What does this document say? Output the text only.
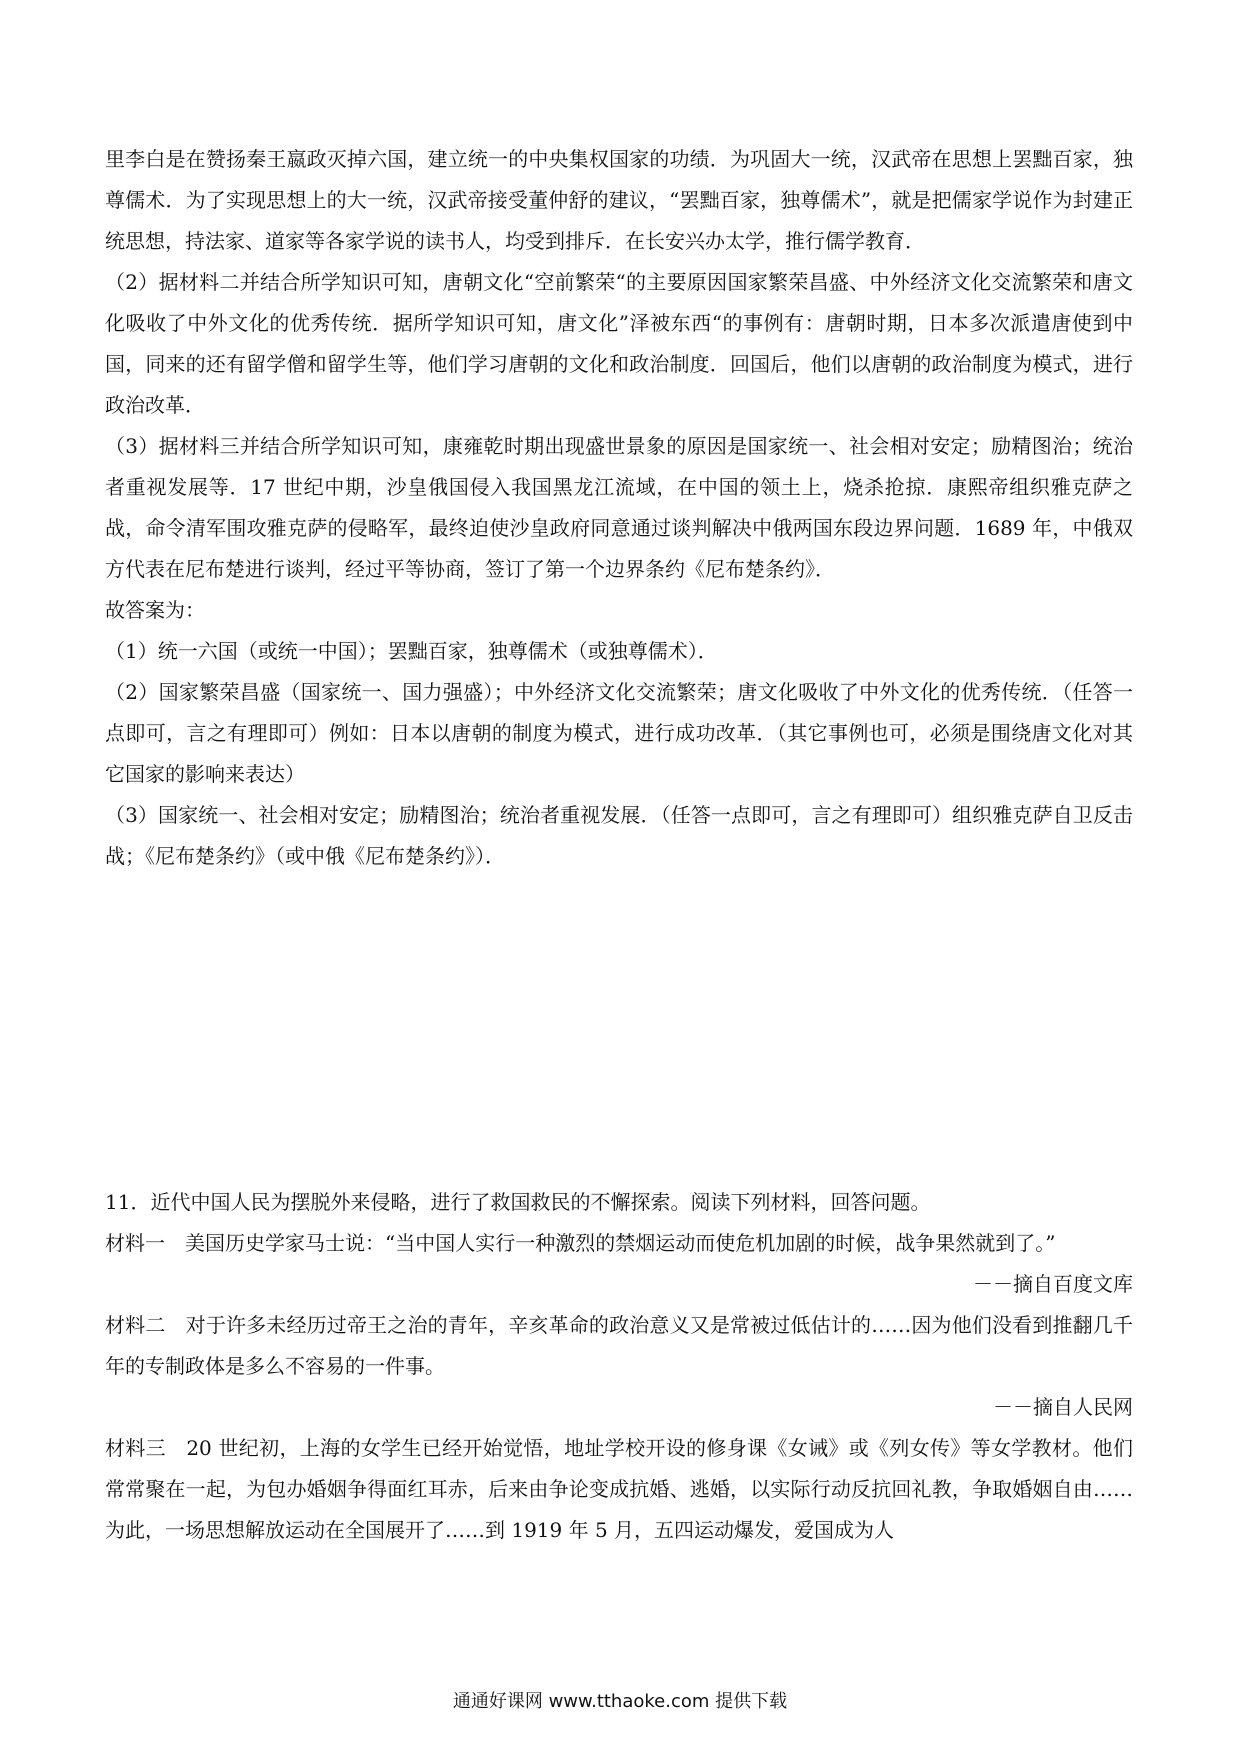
里李白是在赞扬秦王嬴政灭掉六国，建立统一的中央集权国家的功绩．为巩固大一统，汉武帝在思想上罢黜百家，独尊儒术．为了实现思想上的大一统，汉武帝接受董仲舒的建议，“罢黜百家，独尊儒术”，就是把儒家学说作为封建正统思想，持法家、道家等各家学说的读书人，均受到排斥．在长安兴办太学，推行儒学教育．

（2）据材料二并结合所学知识可知，唐朝文化“空前繁荣“的主要原因国家繁荣昌盛、中外经济文化交流繁荣和唐文化吸收了中外文化的优秀传统．据所学知识可知，唐文化”泽被东西“的事例有：唐朝时期，日本多次派遣唐使到中国，同来的还有留学僧和留学生等，他们学习唐朝的文化和政治制度．回国后，他们以唐朝的政治制度为模式，进行政治改革．

（3）据材料三并结合所学知识可知，康雍乾时期出现盛世景象的原因是国家统一、社会相对安定；励精图治；统治者重视发展等．17 世纪中期，沙皇俄国侵入我国黑龙江流域，在中国的领土上，烧杀抢掠．康熙帝组织雅克萨之战，命令清军围攻雅克萨的侵略军，最终迫使沙皇政府同意通过谈判解决中俄两国东段边界问题．1689 年，中俄双方代表在尼布楚进行谈判，经过平等协商，签订了第一个边界条约《尼布楚条约》．

故答案为：

（1）统一六国（或统一中国）；罢黜百家，独尊儒术（或独尊儒术）．

（2）国家繁荣昌盛（国家统一、国力强盛）；中外经济文化交流繁荣；唐文化吸收了中外文化的优秀传统．（任答一点即可，言之有理即可）例如：日本以唐朝的制度为模式，进行成功改革．（其它事例也可，必须是围绕唐文化对其它国家的影响来表达）

（3）国家统一、社会相对安定；励精图治；统治者重视发展．（任答一点即可，言之有理即可）组织雅克萨自卫反击战；《尼布楚条约》（或中俄《尼布楚条约》）．

11．近代中国人民为摆脱外来侵略，进行了救国救民的不懈探索。阅读下列材料，回答问题。

材料一　美国历史学家马士说：“当中国人实行一种激烈的禁烟运动而使危机加剧的时候，战争果然就到了。”

－－摘自百度文库

材料二　对于许多未经历过帝王之治的青年，辛亥革命的政治意义又是常被过低估计的……因为他们没看到推翻几千年的专制政体是多么不容易的一件事。

－－摘自人民网

材料三　20 世纪初，上海的女学生已经开始觉悟，地址学校开设的修身课《女诫》或《列女传》等女学教材。他们常常聚在一起，为包办婚姻争得面红耳赤，后来由争论变成抗婚、逃婚，以实际行动反抗回礼教，争取婚姻自由……为此，一场思想解放运动在全国展开了……到 1919 年 5 月，五四运动爆发，爱国成为人

通通好课网 www.tthaoke.com 提供下载
